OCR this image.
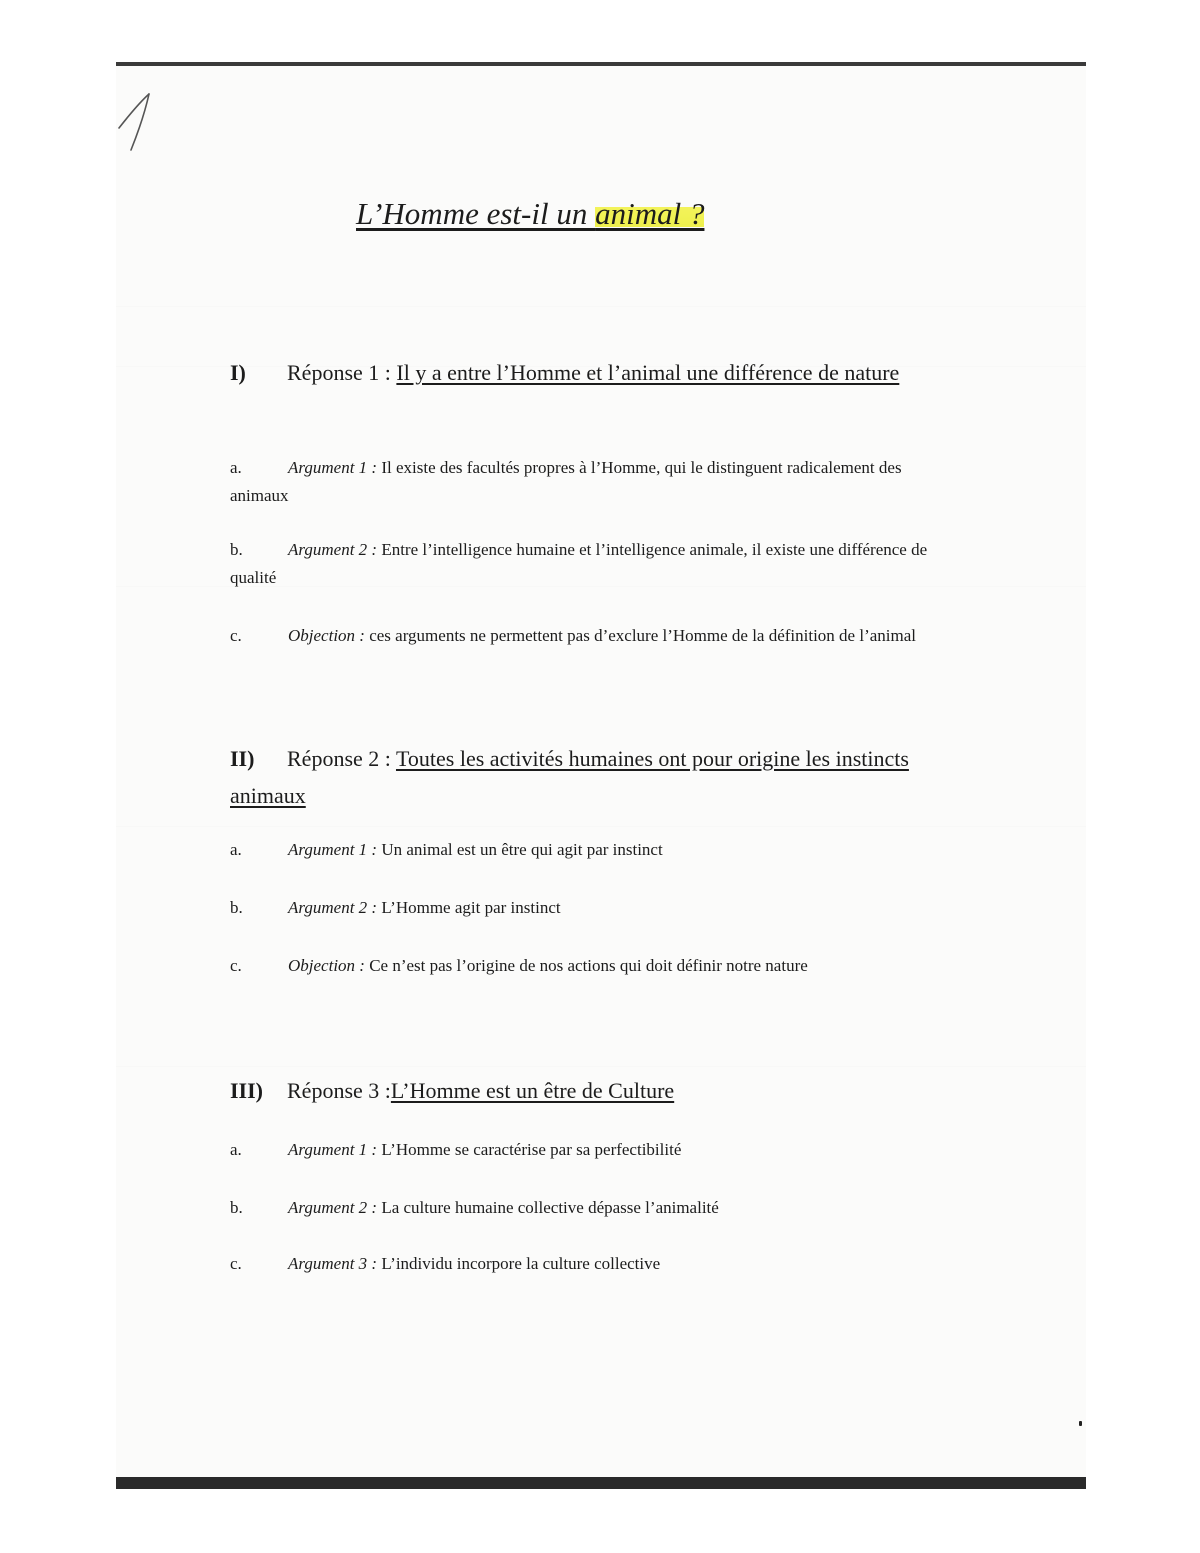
L’Homme est-il un animal ?
I) Réponse 1 : Il y a entre l’Homme et l’animal une différence de nature
a.	Argument 1 : Il existe des facultés propres à l’Homme, qui le distinguent radicalement des animaux
b.	Argument 2 : Entre l’intelligence humaine et l’intelligence animale, il existe une différence de qualité
c.	Objection : ces arguments ne permettent pas d’exclure l’Homme de la définition de l’animal
II) Réponse 2 : Toutes les activités humaines ont pour origine les instincts animaux
a.	Argument 1 : Un animal est un être qui agit par instinct
b.	Argument 2 : L’Homme agit par instinct
c.	Objection : Ce n’est pas l’origine de nos actions qui doit définir notre nature
III) Réponse 3 :L’Homme est un être de Culture
a.	Argument 1 : L’Homme se caractérise par sa perfectibilité
b.	Argument 2 : La culture humaine collective dépasse l’animalité
c.	Argument 3 : L’individu incorpore la culture collective
